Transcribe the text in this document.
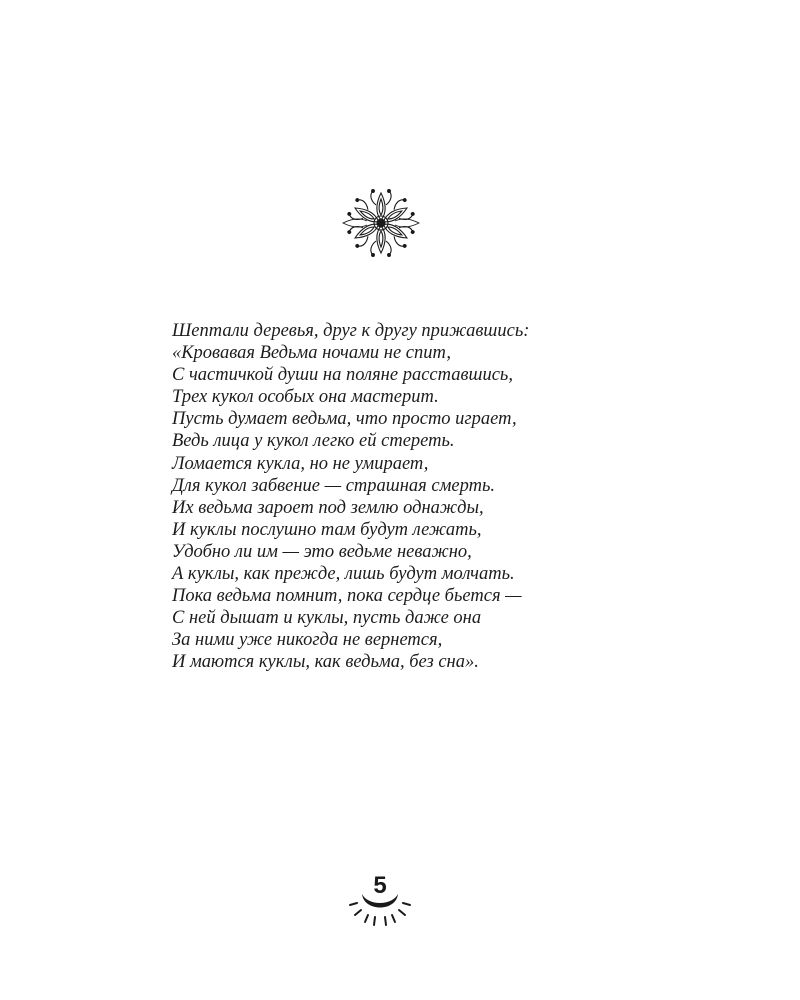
Шептали деревья, друг к другу прижавшись:
«Кровавая Ведьма ночами не спит,
С частичкой души на поляне расставшись,
Трех кукол особых она мастерит.
Пусть думает ведьма, что просто играет,
Ведь лица у кукол легко ей стереть.
Ломается кукла, но не умирает,
Для кукол забвение — страшная смерть.
Их ведьма зароет под землю однажды,
И куклы послушно там будут лежать,
Удобно ли им — это ведьме неважно,
А куклы, как прежде, лишь будут молчать.
Пока ведьма помнит, пока сердце бьется —
С ней дышат и куклы, пусть даже она
За ними уже никогда не вернется,
И маются куклы, как ведьма, без сна».
5
